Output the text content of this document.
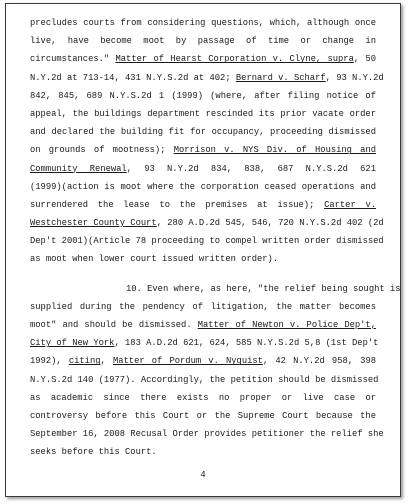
precludes courts from considering questions, which, although once
live, have become moot by passage of time or change in
circumstances." Matter of Hearst Corporation v. Clyne, supra, 50
N.Y.2d at 713-14, 431 N.Y.S.2d at 402; Bernard v. Scharf, 93 N.Y.2d
842, 845, 689 N.Y.S.2d 1 (1999) (where, after filing notice of
appeal, the buildings department rescinded its prior vacate order
and declared the building fit for occupancy, proceeding dismissed
on grounds of mootness); Morrison v. NYS Div. of Housing and
Community Renewal, 93 N.Y.2d 834, 838, 687 N.Y.S.2d 621
(1999)(action is moot where the corporation ceased operations and
surrendered the lease to the premises at issue); Carter v.
Westchester County Court, 280 A.D.2d 545, 546, 720 N.Y.S.2d 402 (2d
Dep't 2001)(Article 78 proceeding to compel written order dismissed
as moot when lower court issued written order).
10. Even where, as here, "the relief being sought is
supplied during the pendency of litigation, the matter becomes
moot" and should be dismissed. Matter of Newton v. Police Dep't,
City of New York, 183 A.D.2d 621, 624, 585 N.Y.S.2d 5,8 (1st Dep't
1992), citing, Matter of Pordum v. Nyquist, 42 N.Y.2d 958, 398
N.Y.S.2d 140 (1977). Accordingly, the petition should be dismissed
as academic since there exists no proper or live case or
controversy before this Court or the Supreme Court because the
September 16, 2008 Recusal Order provides petitioner the relief she
seeks before this Court.
4
